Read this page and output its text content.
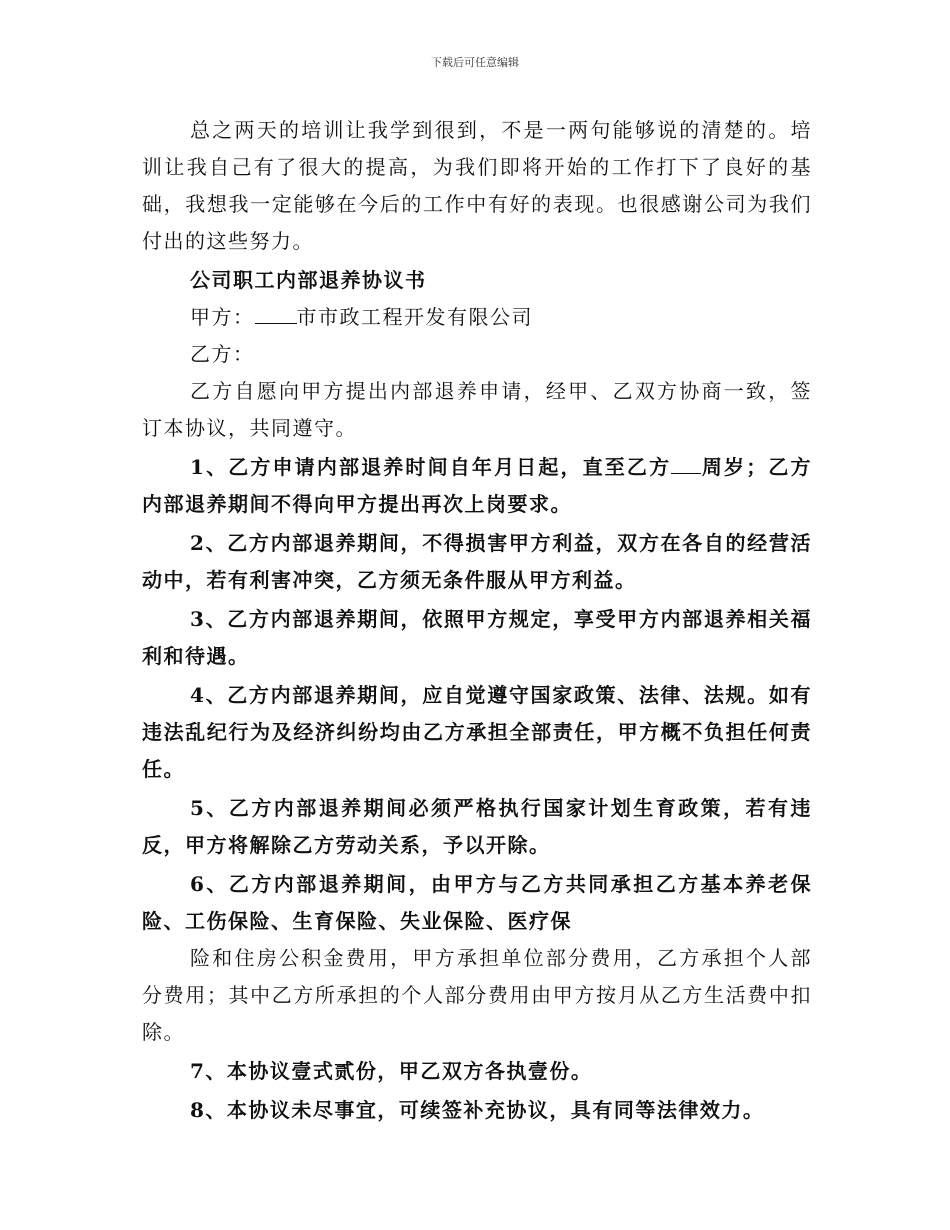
下载后可任意编辑

总之两天的培训让我学到很到，不是一两句能够说的清楚的。培训让我自己有了很大的提高，为我们即将开始的工作打下了良好的基础，我想我一定能够在今后的工作中有好的表现。也很感谢公司为我们付出的这些努力。

公司职工内部退养协议书

甲方： 市市政工程开发有限公司

乙方：

乙方自愿向甲方提出内部退养申请，经甲、乙双方协商一致，签订本协议，共同遵守。

1、乙方申请内部退养时间自年月日起，直至乙方 周岁；乙方内部退养期间不得向甲方提出再次上岗要求。

2、乙方内部退养期间，不得损害甲方利益，双方在各自的经营活动中，若有利害冲突，乙方须无条件服从甲方利益。

3、乙方内部退养期间，依照甲方规定，享受甲方内部退养相关福利和待遇。

4、乙方内部退养期间，应自觉遵守国家政策、法律、法规。如有违法乱纪行为及经济纠纷均由乙方承担全部责任，甲方概不负担任何责任。

5、乙方内部退养期间必须严格执行国家计划生育政策，若有违反，甲方将解除乙方劳动关系，予以开除。

6、乙方内部退养期间，由甲方与乙方共同承担乙方基本养老保险、工伤保险、生育保险、失业保险、医疗保

险和住房公积金费用，甲方承担单位部分费用，乙方承担个人部分费用；其中乙方所承担的个人部分费用由甲方按月从乙方生活费中扣除。

7、本协议壹式贰份，甲乙双方各执壹份。

8、本协议未尽事宜，可续签补充协议，具有同等法律效力。
